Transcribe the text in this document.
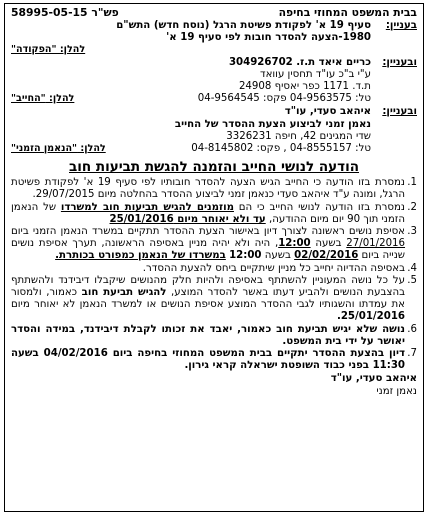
בבית המשפט המחוזי בחיפה
פש"ר 58995-05-15
בעניין:
סעיף 19 א' לפקודת פשיטת הרגל (נוסח חדש) התש"ם
1980-הצעה להסדר חובות לפי סעיף 19 א'
להלן: "הפקודה"
ובעניין:
כריים איאד ת.ז. 304926702
ע"י ב"כ עו"ד תחסין עוואד
ת.ד. 1171 כפר יאסיף 24908
טל: 04-9563575 פקס: 04-9564545
להלן: "החייב"
ובעניין:
איהאב סעדי, עו"ד
נאמן זמני לביצוע הצעת ההסדר של החייב
שדי המגינים 42, חיפה 3326231
טל: 04-8555157 , פקס: 04-8145802
להלן: "הנאמן הזמני"
הודעה לנושי החייב והזמנה להגשת תביעות חוב
1.
נמסרת בזו הודעה כי החייב הגיש הצעה להסדר חובותיו לפי סעיף 19 א' לפקודת פשיטת הרגל, ומונה ע"ד איהאב סעדי כנאמן זמני לביצוע ההסדר בהחלטה מיום 29/07/2015.
2.
נמסרת בזו הודעה לנושי החייב כי הם מוזמנים להגיש תביעות חוב למשרדו של הנאמן הזמני תוך 90 יום מיום ההודעה, עד ולא יאוחר מיום 25/01/2016
3.
אסיפת נושים ראשונה לצורך דיון באישור הצעת ההסדר תתקיים במשרד הנאמן הזמני ביום 27/01/2016 בשעה 12:00, היה ולא יהיה מניין באסיפה הראשונה, תערך אסיפת נושים שנייה ביום 02/02/2016 בשעה 12:00 במשרדו של הנאמן כמפורט בכותרת.
4.
באסיפה ההדיוה יחייב כל מניין שיתקיים ביחס להצעת ההסדר.
5.
על כל נושה המעוניין להשתתף באסיפה ולהיות חלק מהנושים שיקבלו דיבידנד ולהשתתף בהצבעת הנושים ולהביע דעתו באשר להסדר המוצע, להגיש תביעת חוב כאמור, ולמסור את עמדתו והשגותיו לגבי ההסדר המוצע אסיפת הנושים או למשרד הנאמן לא יאוחר מיום 25/01/2016.
6.
נושה שלא יגיש תביעת חוב כאמור, יאבד את זכותו לקבלת דיבידנד, במידה והסדר יאושר על ידי בית המשפט.
7.
דיון בהצעת ההסדר יתקיים בבית המשפט המחוזי בחיפה ביום 04/02/2016 בשעה 11:30 בפני כבוד השופטת ישראלה קראי גירון.
איהאב סעדי, עו"ד
נאמן זמני
